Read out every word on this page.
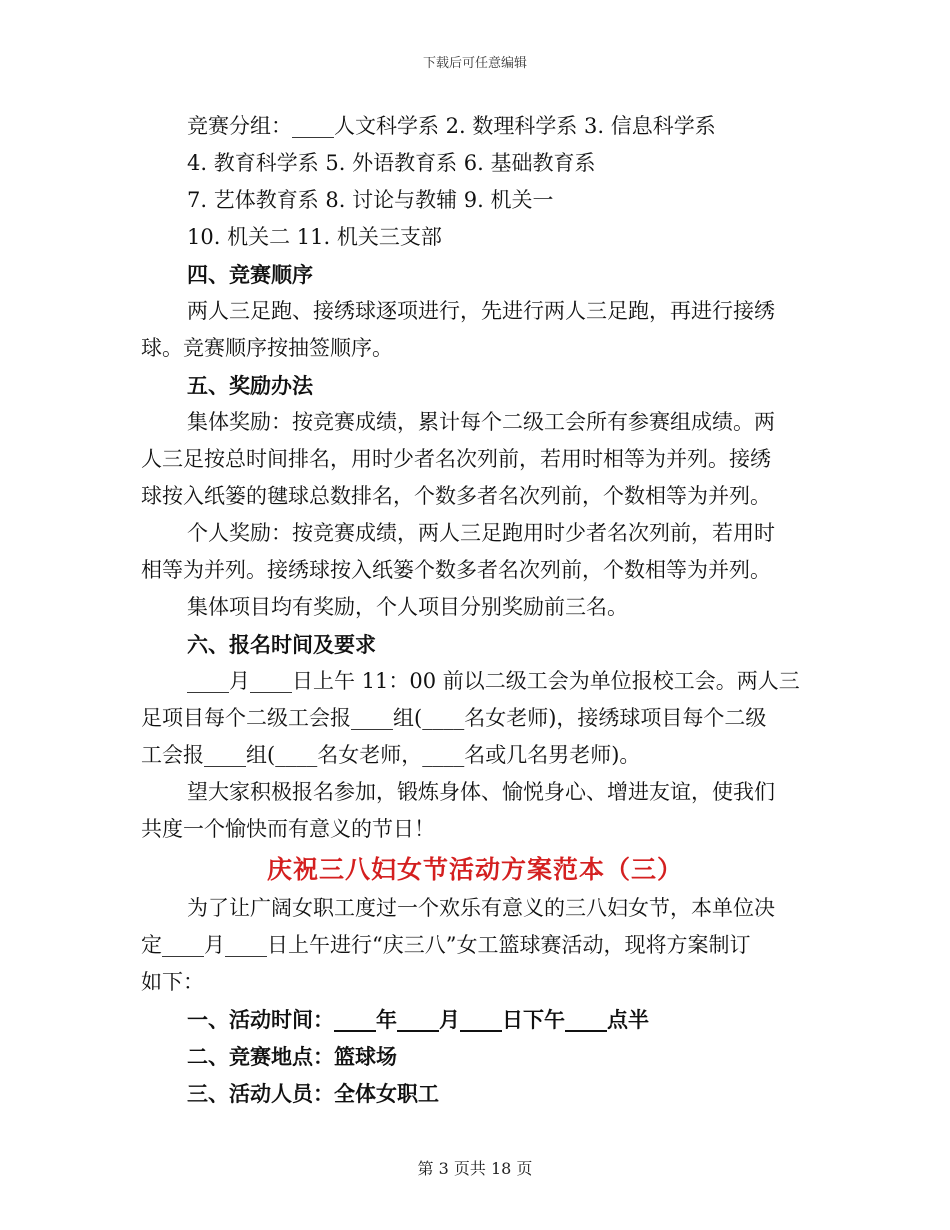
下载后可任意编辑
竞赛分组：____人文科学系 2. 数理科学系 3. 信息科学系
4. 教育科学系 5. 外语教育系 6. 基础教育系
7. 艺体教育系 8. 讨论与教辅 9. 机关一
10. 机关二 11. 机关三支部
四、竞赛顺序
两人三足跑、接绣球逐项进行，先进行两人三足跑，再进行接绣
球。竞赛顺序按抽签顺序。
五、奖励办法
集体奖励：按竞赛成绩，累计每个二级工会所有参赛组成绩。两
人三足按总时间排名，用时少者名次列前，若用时相等为并列。接绣
球按入纸篓的毽球总数排名，个数多者名次列前，个数相等为并列。
个人奖励：按竞赛成绩，两人三足跑用时少者名次列前，若用时
相等为并列。接绣球按入纸篓个数多者名次列前，个数相等为并列。
集体项目均有奖励，个人项目分别奖励前三名。
六、报名时间及要求
____月____日上午 11：00 前以二级工会为单位报校工会。两人三
足项目每个二级工会报____组(____名女老师)，接绣球项目每个二级
工会报____组(____名女老师，____名或几名男老师)。
望大家积极报名参加，锻炼身体、愉悦身心、增进友谊，使我们
共度一个愉快而有意义的节日！
庆祝三八妇女节活动方案范本（三）
为了让广阔女职工度过一个欢乐有意义的三八妇女节，本单位决
定____月____日上午进行“庆三八”女工篮球赛活动，现将方案制订
如下：
一、活动时间：____年____月____日下午____点半
二、竞赛地点：篮球场
三、活动人员：全体女职工
第 3 页共 18 页
